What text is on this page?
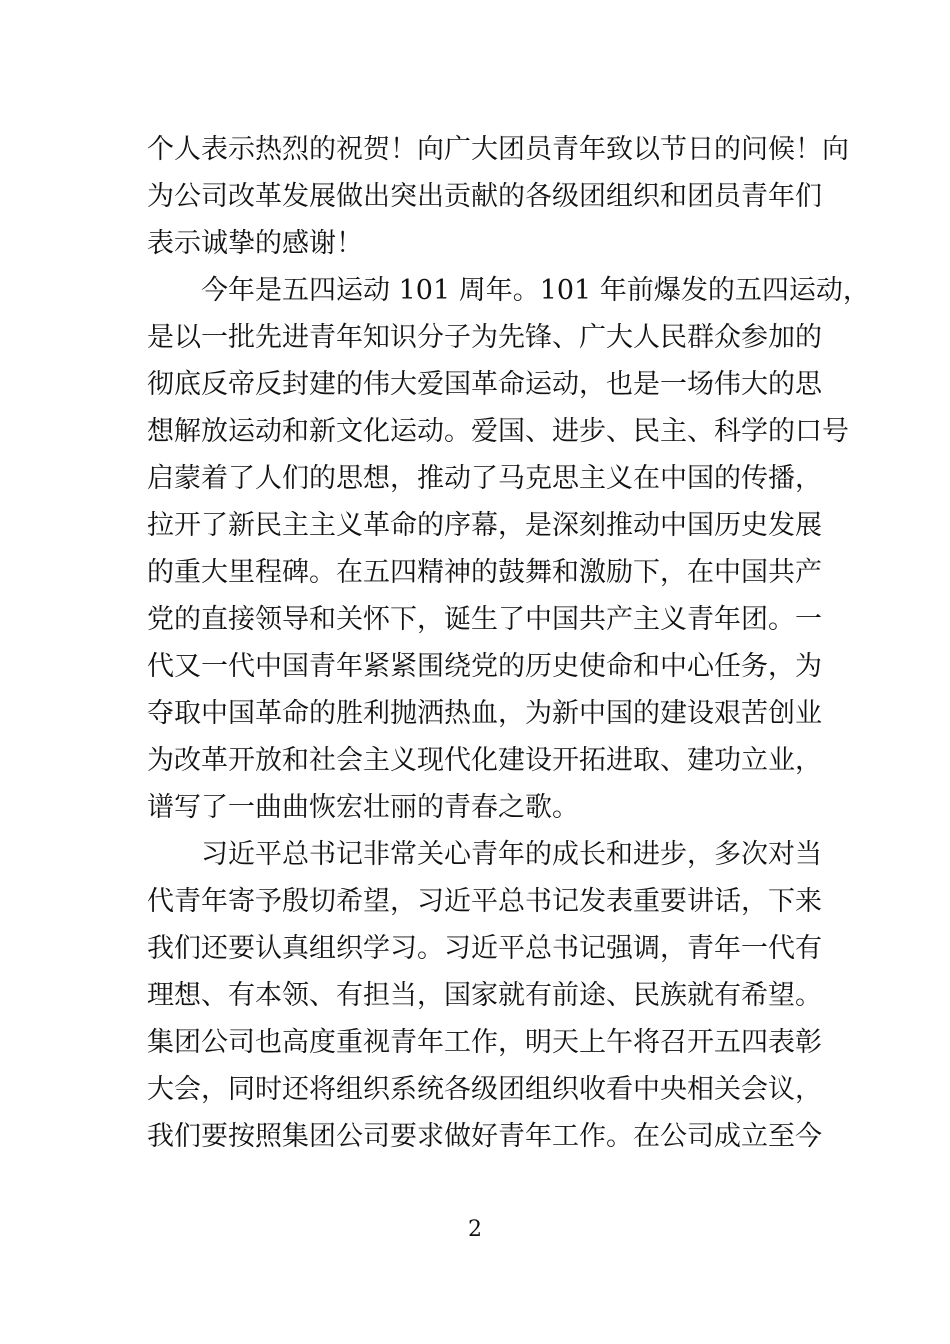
个人表示热烈的祝贺！向广大团员青年致以节日的问候！向
为公司改革发展做出突出贡献的各级团组织和团员青年们
表示诚挚的感谢！
今年是五四运动 101 周年。101 年前爆发的五四运动，
是以一批先进青年知识分子为先锋、广大人民群众参加的
彻底反帝反封建的伟大爱国革命运动，也是一场伟大的思
想解放运动和新文化运动。爱国、进步、民主、科学的口号
启蒙着了人们的思想，推动了马克思主义在中国的传播，
拉开了新民主主义革命的序幕，是深刻推动中国历史发展
的重大里程碑。在五四精神的鼓舞和激励下，在中国共产
党的直接领导和关怀下，诞生了中国共产主义青年团。一
代又一代中国青年紧紧围绕党的历史使命和中心任务，为
夺取中国革命的胜利抛洒热血，为新中国的建设艰苦创业
为改革开放和社会主义现代化建设开拓进取、建功立业，
谱写了一曲曲恢宏壮丽的青春之歌。
习近平总书记非常关心青年的成长和进步，多次对当
代青年寄予殷切希望，习近平总书记发表重要讲话，下来
我们还要认真组织学习。习近平总书记强调，青年一代有
理想、有本领、有担当，国家就有前途、民族就有希望。
集团公司也高度重视青年工作，明天上午将召开五四表彰
大会，同时还将组织系统各级团组织收看中央相关会议，
我们要按照集团公司要求做好青年工作。在公司成立至今
2
